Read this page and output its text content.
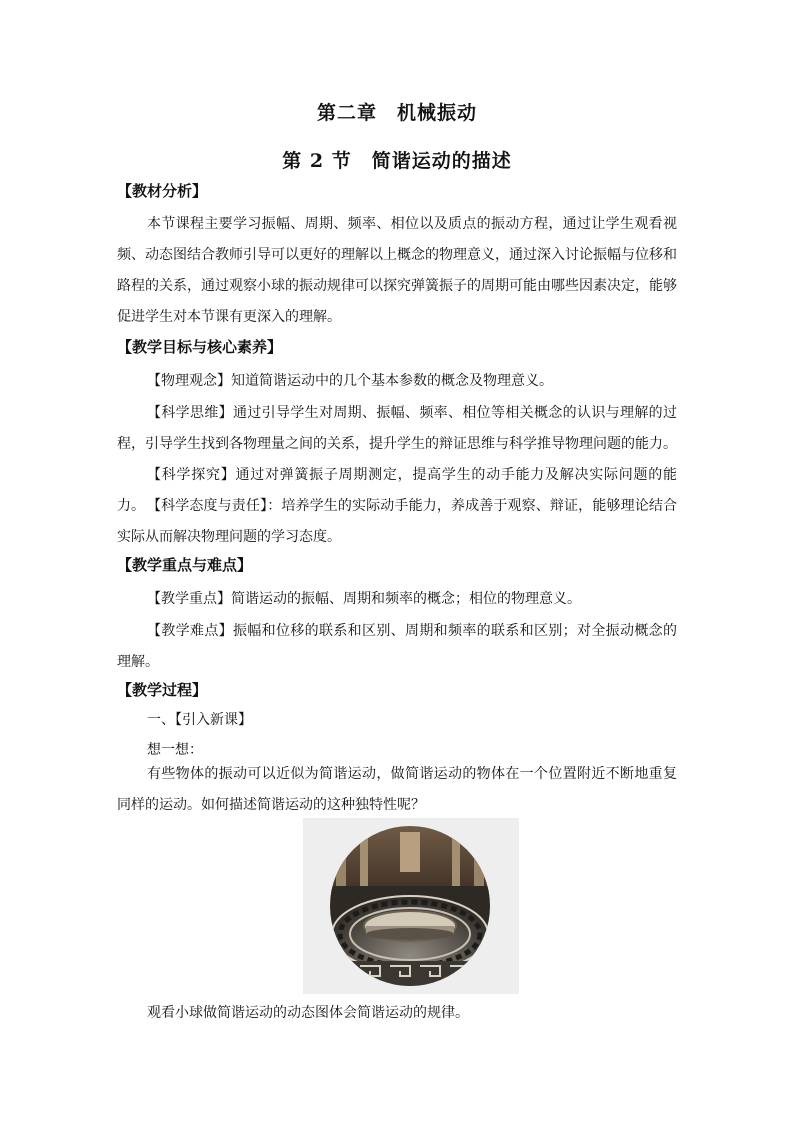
第二章　机械振动
第 2 节　简谐运动的描述
【教材分析】
本节课程主要学习振幅、周期、频率、相位以及质点的振动方程，通过让学生观看视频、动态图结合教师引导可以更好的理解以上概念的物理意义，通过深入讨论振幅与位移和路程的关系，通过观察小球的振动规律可以探究弹簧振子的周期可能由哪些因素决定，能够促进学生对本节课有更深入的理解。
【教学目标与核心素养】
【物理观念】知道简谐运动中的几个基本参数的概念及物理意义。
【科学思维】通过引导学生对周期、振幅、频率、相位等相关概念的认识与理解的过程，引导学生找到各物理量之间的关系，提升学生的辩证思维与科学推导物理问题的能力。
【科学探究】通过对弹簧振子周期测定，提高学生的动手能力及解决实际问题的能力。 【科学态度与责任】：培养学生的实际动手能力，养成善于观察、辩证，能够理论结合实际从而解决物理问题的学习态度。
【教学重点与难点】
【教学重点】简谐运动的振幅、周期和频率的概念；相位的物理意义。
【教学难点】振幅和位移的联系和区别、周期和频率的联系和区别；对全振动概念的理解。
【教学过程】
一、【引入新课】
想一想：
有些物体的振动可以近似为简谐运动，做简谐运动的物体在一个位置附近不断地重复同样的运动。如何描述简谐运动的这种独特性呢？
观看小球做简谐运动的动态图体会简谐运动的规律。
